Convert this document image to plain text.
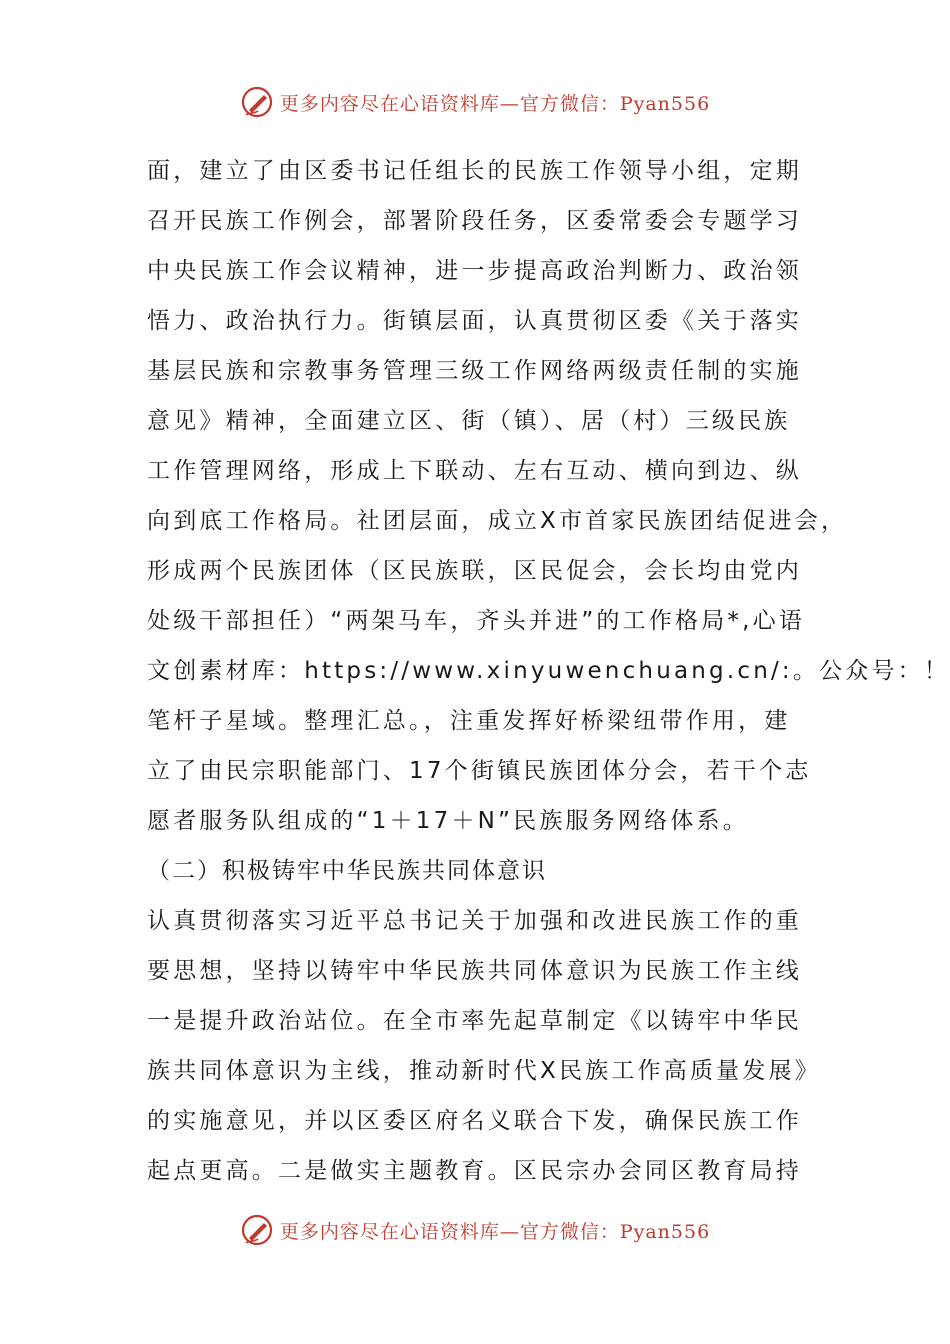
更多内容尽在心语资料库—官方微信：Pyan556
面，建立了由区委书记任组长的民族工作领导小组，定期
召开民族工作例会，部署阶段任务，区委常委会专题学习
中央民族工作会议精神，进一步提高政治判断力、政治领
悟力、政治执行力。街镇层面，认真贯彻区委《关于落实
基层民族和宗教事务管理三级工作网络两级责任制的实施
意见》精神，全面建立区、街（镇）、居（村）三级民族
工作管理网络，形成上下联动、左右互动、横向到边、纵
向到底工作格局。社团层面，成立X市首家民族团结促进会，
形成两个民族团体（区民族联，区民促会，会长均由党内
处级干部担任）“两架马车，齐头并进”的工作格局*,心语
文创素材库：https://www.xinyuwenchuang.cn/:。公众号：！
笔杆子星域。整理汇总。，注重发挥好桥梁纽带作用，建
立了由民宗职能部门、17个街镇民族团体分会，若干个志
愿者服务队组成的“1＋17＋N”民族服务网络体系。
（二）积极铸牢中华民族共同体意识
认真贯彻落实习近平总书记关于加强和改进民族工作的重
要思想，坚持以铸牢中华民族共同体意识为民族工作主线
一是提升政治站位。在全市率先起草制定《以铸牢中华民
族共同体意识为主线，推动新时代X民族工作高质量发展》
的实施意见，并以区委区府名义联合下发，确保民族工作
起点更高。二是做实主题教育。区民宗办会同区教育局持
更多内容尽在心语资料库—官方微信：Pyan556
